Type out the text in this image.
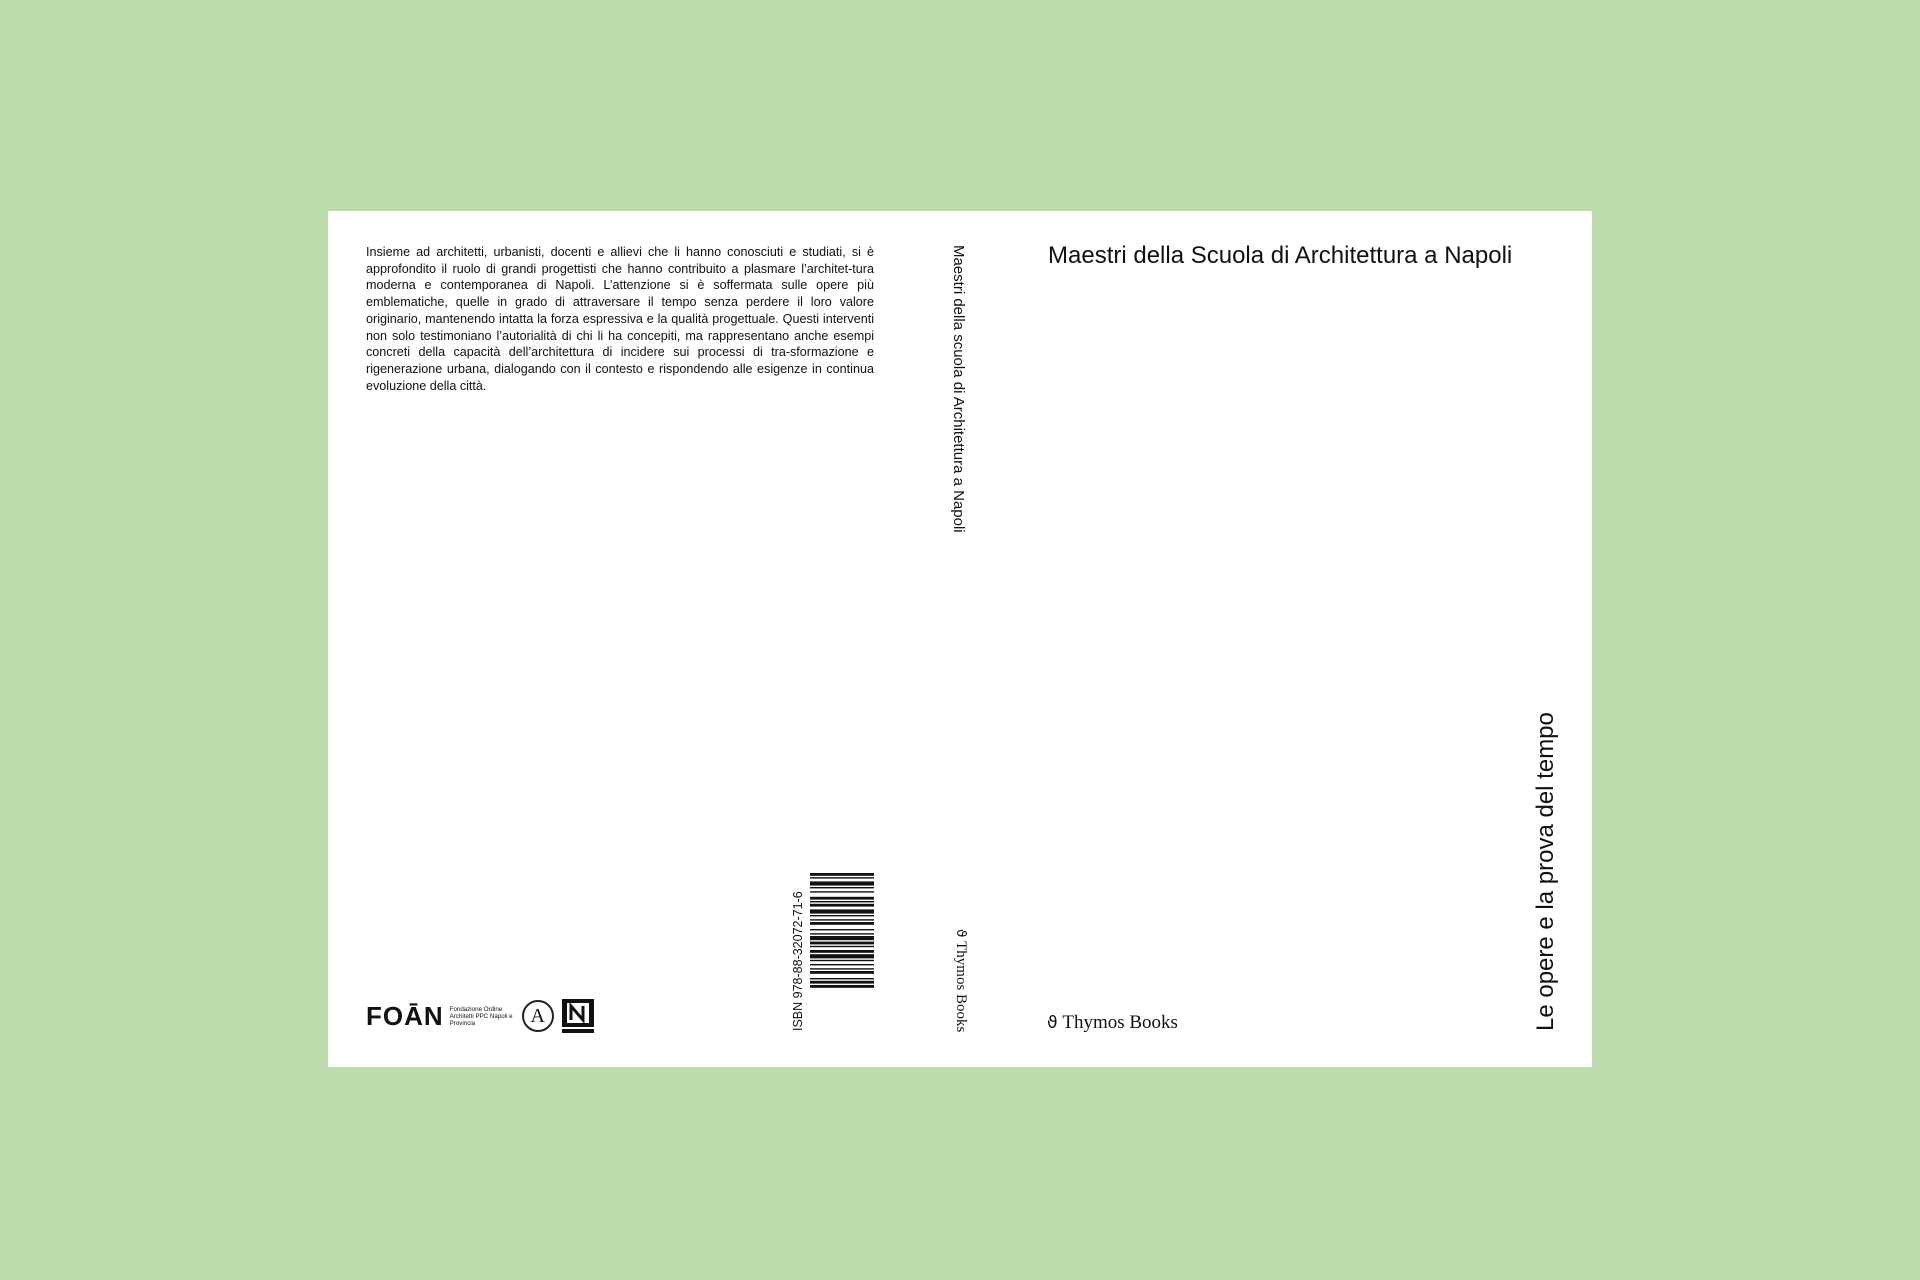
Insieme ad architetti, urbanisti, docenti e allievi che li hanno conosciuti e studiati, si è approfondito il ruolo di grandi progettisti che hanno contribuito a plasmare l’architet-tura moderna e contemporanea di Napoli. L’attenzione si è soffermata sulle opere più emblematiche, quelle in grado di attraversare il tempo senza perdere il loro valore originario, mantenendo intatta la forza espressiva e la qualità progettuale. Questi interventi non solo testimoniano l’autorialità di chi li ha concepiti, ma rappresentano anche esempi concreti della capacità dell’architettura di incidere sui processi di tra-sformazione e rigenerazione urbana, dialogando con il contesto e rispondendo alle esigenze in continua evoluzione della città.	Maestri della scuola di Architettura a Napoli
ϑ Thymos Books
Maestri della Scuola di Architettura a Napoli
ϑ Thymos Books	Le opere e la prova del tempo
ISBN 978-88-32072-71-6
FOĀN Fondazione Ordine Architetti PPC Napoli e Provincia	A
